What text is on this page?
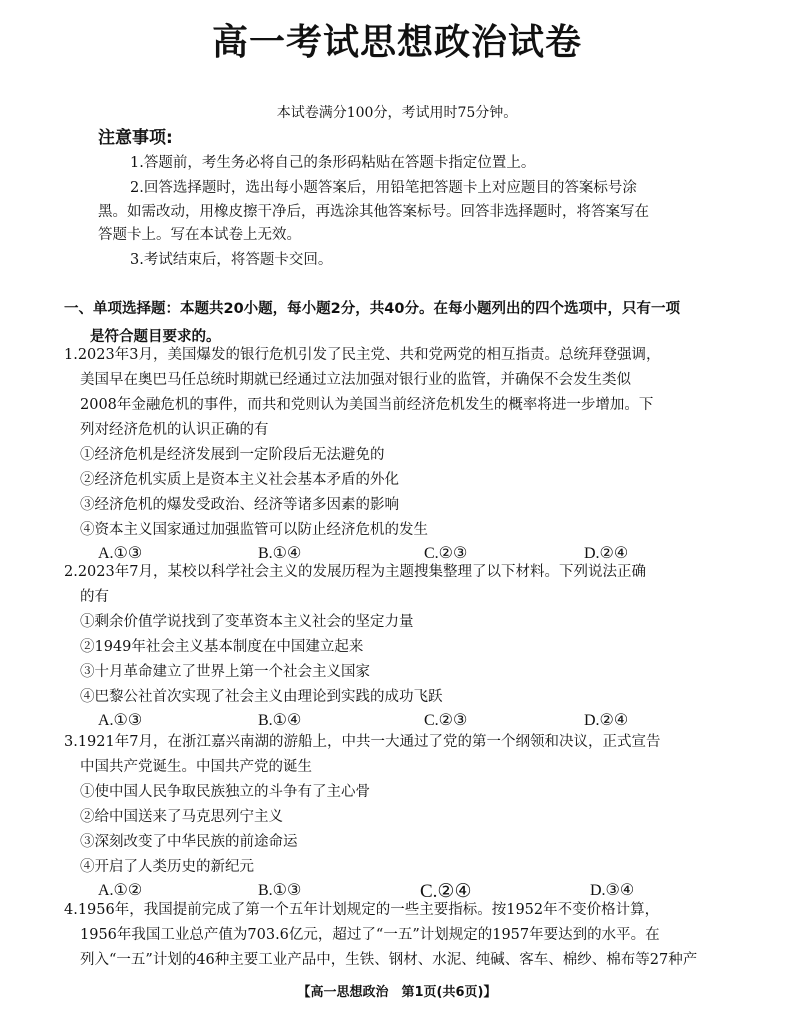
高一考试思想政治试卷
本试卷满分100分，考试用时75分钟。
注意事项:
1.答题前，考生务必将自己的条形码粘贴在答题卡指定位置上。
2.回答选择题时，选出每小题答案后，用铅笔把答题卡上对应题目的答案标号涂
黑。如需改动，用橡皮擦干净后，再选涂其他答案标号。回答非选择题时，将答案写在
答题卡上。写在本试卷上无效。
3.考试结束后，将答题卡交回。
一、单项选择题：本题共20小题，每小题2分，共40分。在每小题列出的四个选项中，只有一项
是符合题目要求的。
1.2023年3月，美国爆发的银行危机引发了民主党、共和党两党的相互指责。总统拜登强调，
美国早在奥巴马任总统时期就已经通过立法加强对银行业的监管，并确保不会发生类似
2008年金融危机的事件，而共和党则认为美国当前经济危机发生的概率将进一步增加。下
列对经济危机的认识正确的有
①经济危机是经济发展到一定阶段后无法避免的
②经济危机实质上是资本主义社会基本矛盾的外化
③经济危机的爆发受政治、经济等诸多因素的影响
④资本主义国家通过加强监管可以防止经济危机的发生
A.①③	B.①④	C.②③	D.②④
2.2023年7月，某校以科学社会主义的发展历程为主题搜集整理了以下材料。下列说法正确
的有
①剩余价值学说找到了变革资本主义社会的坚定力量
②1949年社会主义基本制度在中国建立起来
③十月革命建立了世界上第一个社会主义国家
④巴黎公社首次实现了社会主义由理论到实践的成功飞跃
A.①③	B.①④	C.②③	D.②④
3.1921年7月，在浙江嘉兴南湖的游船上，中共一大通过了党的第一个纲领和决议，正式宣告
中国共产党诞生。中国共产党的诞生
①使中国人民争取民族独立的斗争有了主心骨
②给中国送来了马克思列宁主义
③深刻改变了中华民族的前途命运
④开启了人类历史的新纪元
A.①②	B.①③	C.②④	D.③④
4.1956年，我国提前完成了第一个五年计划规定的一些主要指标。按1952年不变价格计算，
1956年我国工业总产值为703.6亿元，超过了“一五”计划规定的1957年要达到的水平。在
列入“一五”计划的46种主要工业产品中，生铁、钢材、水泥、纯碱、客车、棉纱、棉布等27种产
【高一思想政治　第1页(共6页)】
